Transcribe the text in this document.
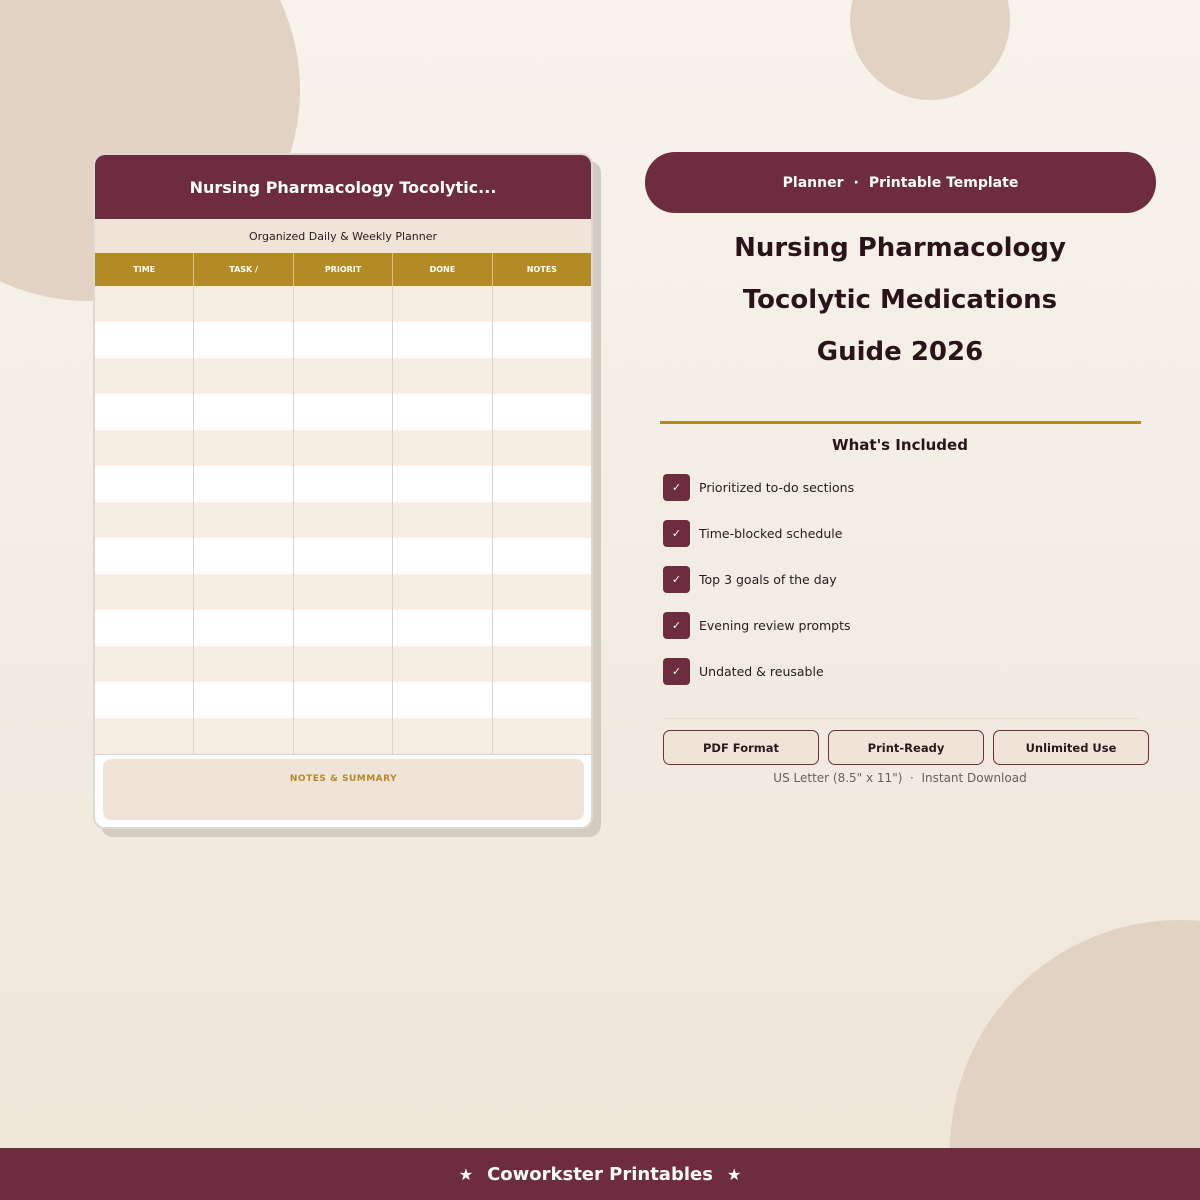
Nursing Pharmacology Tocolytic...
Organized Daily & Weekly Planner
TIME	TASK /	PRIORIT	DONE	NOTES
NOTES & SUMMARY
Planner · Printable Template
Nursing Pharmacology
Tocolytic Medications
Guide 2026
What's Included
✓	Prioritized to-do sections
✓	Time-blocked schedule
✓	Top 3 goals of the day
✓	Evening review prompts
✓	Undated & reusable
PDF Format	Print-Ready	Unlimited Use
US Letter (8.5" x 11")  ·  Instant Download
★ Coworkster Printables ★
